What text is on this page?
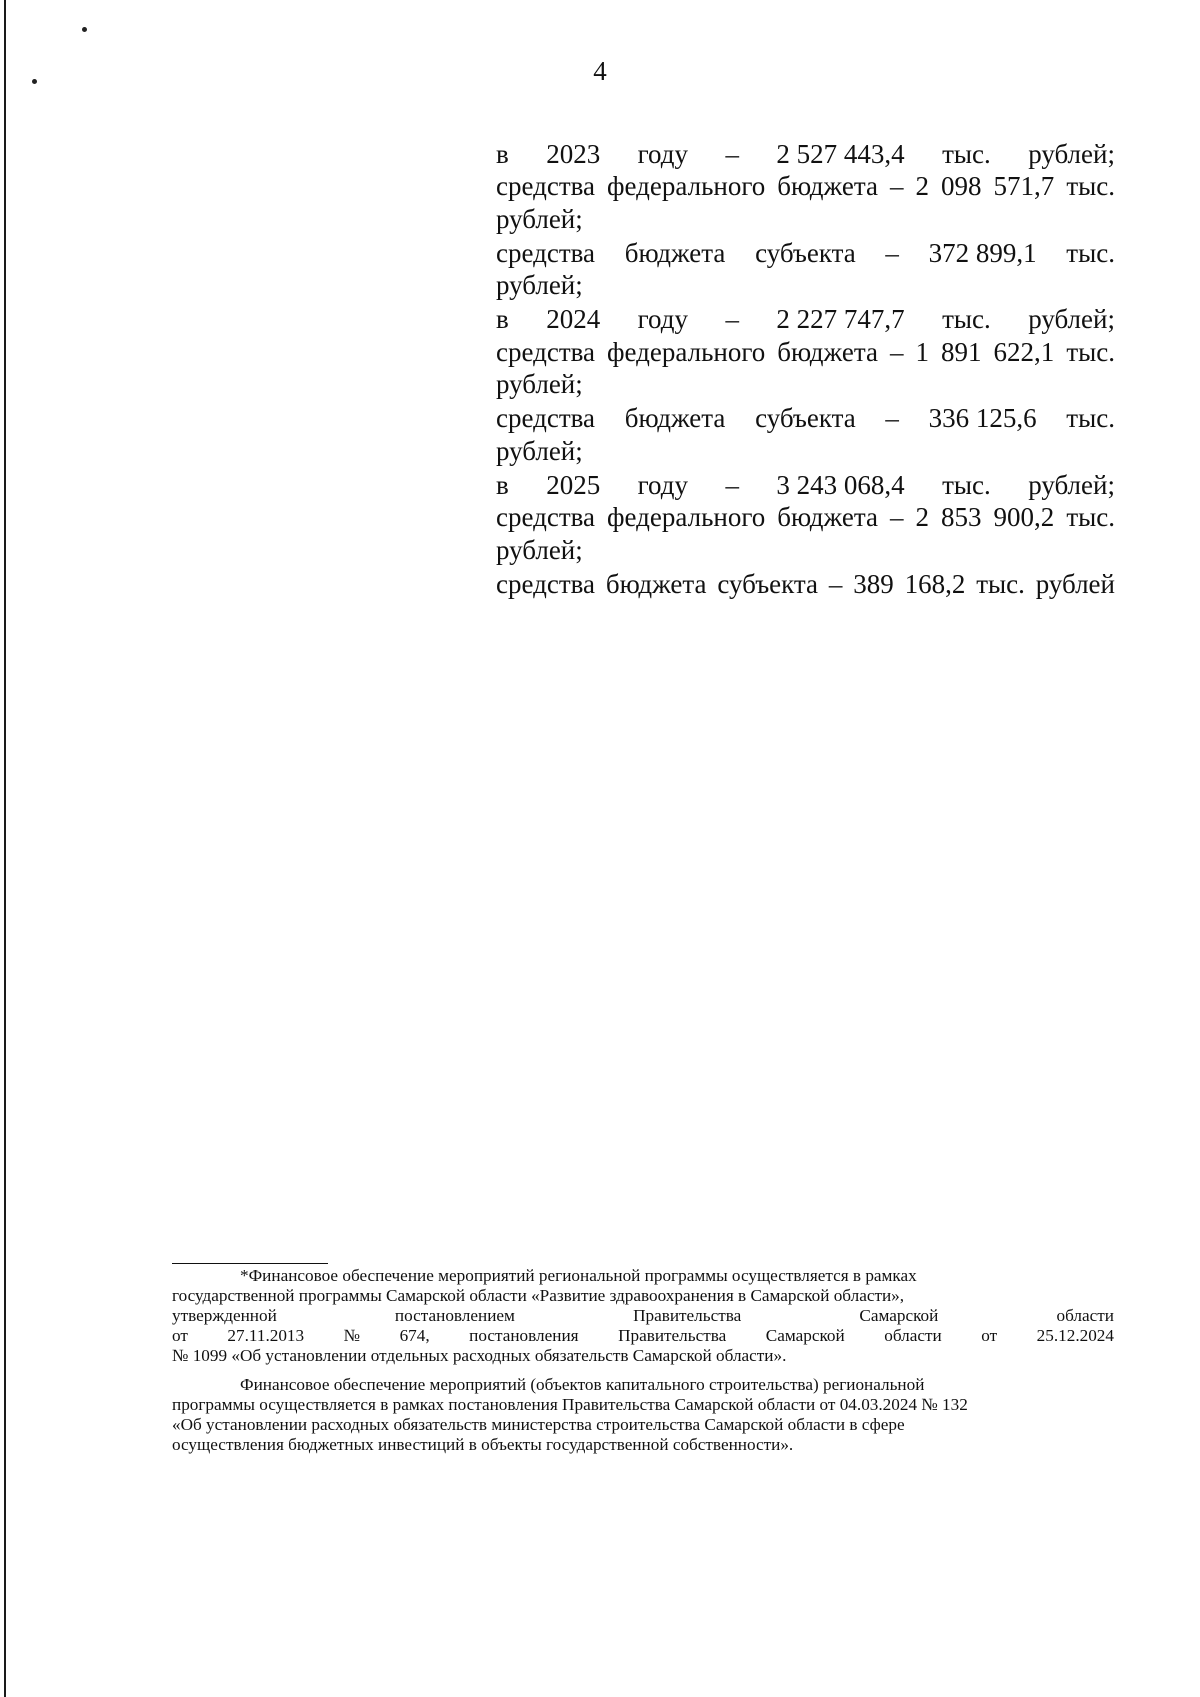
4
в 2023 году – 2 527 443,4 тыс. рублей;
средства федерального бюджета – 2 098 571,7 тыс.
рублей;
средства бюджета субъекта – 372 899,1 тыс.
рублей;
в 2024 году – 2 227 747,7 тыс. рублей;
средства федерального бюджета – 1 891 622,1 тыс.
рублей;
средства бюджета субъекта – 336 125,6 тыс.
рублей;
в 2025 году – 3 243 068,4 тыс. рублей;
средства федерального бюджета – 2 853 900,2 тыс.
рублей;
средства бюджета субъекта – 389 168,2 тыс. рублей
*Финансовое обеспечение мероприятий региональной программы осуществляется в рамках
государственной программы Самарской области «Развитие здравоохранения в Самарской области»,
утвержденной	постановлением	Правительства	Самарской	области
от 27.11.2013 № 674, постановления Правительства Самарской области от 25.12.2024
№ 1099 «Об установлении отдельных расходных обязательств Самарской области».
Финансовое обеспечение мероприятий (объектов капитального строительства) региональной
программы осуществляется в рамках постановления Правительства Самарской области от 04.03.2024 № 132
«Об установлении расходных обязательств министерства строительства Самарской области в сфере
осуществления бюджетных инвестиций в объекты государственной собственности».
